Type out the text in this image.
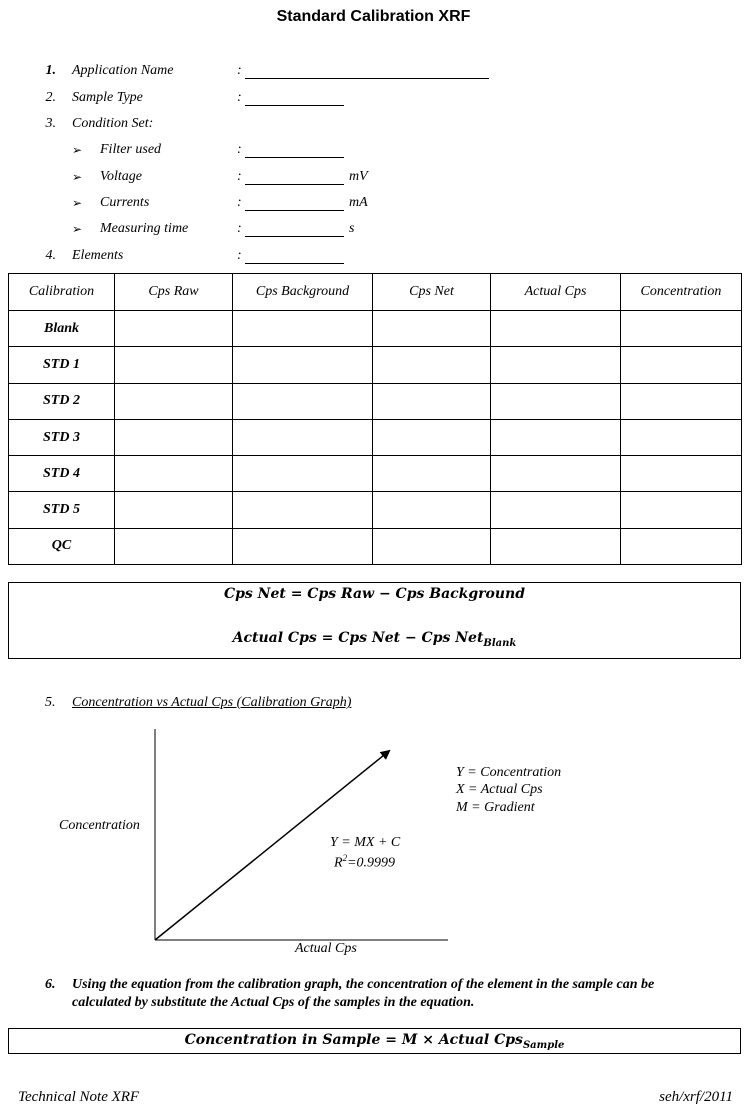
Standard Calibration XRF
1. Application Name	:
2. Sample Type	:
3. Condition Set:
➢ Filter used	:
➢ Voltage	:	mV
➢ Currents	:	mA
➢ Measuring time	:	s
4. Elements	:
Calibration	Cps Raw	Cps Background	Cps Net	Actual Cps	Concentration
Blank					
STD 1					
STD 2					
STD 3					
STD 4					
STD 5					
QC					
Cps Net = Cps Raw − Cps Background
Actual Cps = Cps Net − Cps Net$_{Blank}$
5. Concentration vs Actual Cps (Calibration Graph)
Concentration
Actual Cps
Y = MX + C
$R^2=0.9999$
Y = Concentration
X = Actual Cps
M = Gradient
6. Using the equation from the calibration graph, the concentration of the element in the sample can be
calculated by substitute the Actual Cps of the samples in the equation.
Concentration in Sample = M × Actual Cps$_{Sample}$
Technical Note XRF	seh/xrf/2011
